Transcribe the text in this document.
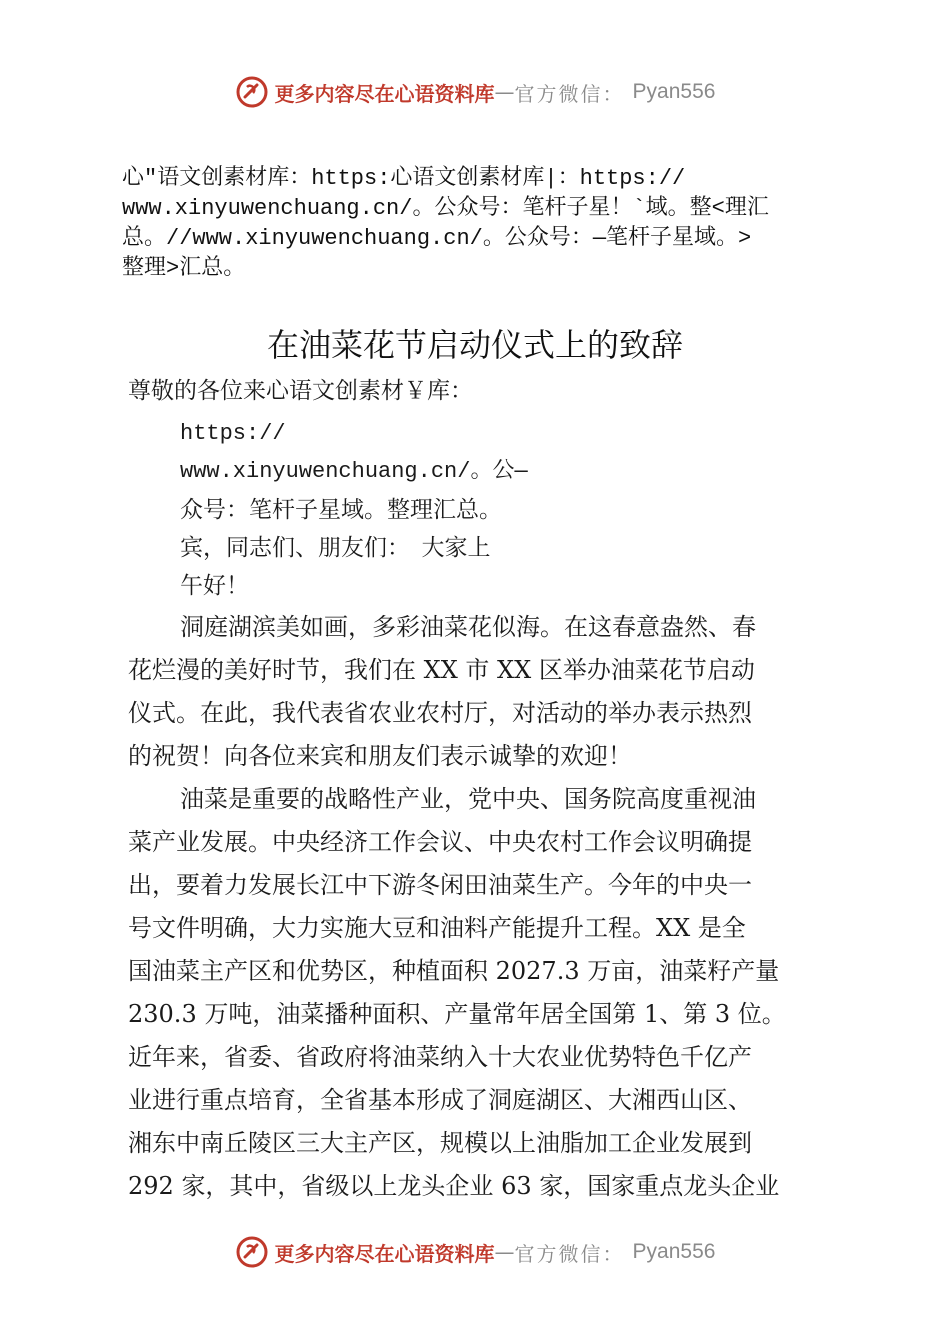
更多内容尽在心语资料库 — 官方微信： Pyan556

心"语文创素材库：https:心语文创素材库|：https://

www.xinyuwenchuang.cn/。公众号：笔杆子星！`域。整<理汇

总。//www.xinyuwenchuang.cn/。公众号：—笔杆子星域。>

整理>汇总。

在油菜花节启动仪式上的致辞
尊敬的各位来心语文创素材￥库：

https://

www.xinyuwenchuang.cn/。公—

众号：笔杆子星域。整理汇总。

宾，同志们、朋友们：　大家上

午好！

洞庭湖滨美如画，多彩油菜花似海。在这春意盎然、春

花烂漫的美好时节，我们在 XX 市 XX 区举办油菜花节启动

仪式。在此，我代表省农业农村厅，对活动的举办表示热烈

的祝贺！向各位来宾和朋友们表示诚挚的欢迎！

油菜是重要的战略性产业，党中央、国务院高度重视油

菜产业发展。中央经济工作会议、中央农村工作会议明确提

出，要着力发展长江中下游冬闲田油菜生产。今年的中央一

号文件明确，大力实施大豆和油料产能提升工程。XX 是全

国油菜主产区和优势区，种植面积 2027.3 万亩，油菜籽产量

230.3 万吨，油菜播种面积、产量常年居全国第 1、第 3 位。

近年来，省委、省政府将油菜纳入十大农业优势特色千亿产

业进行重点培育，全省基本形成了洞庭湖区、大湘西山区、

湘东中南丘陵区三大主产区，规模以上油脂加工企业发展到

292 家，其中，省级以上龙头企业 63 家，国家重点龙头企业

更多内容尽在心语资料库 — 官方微信： Pyan556
